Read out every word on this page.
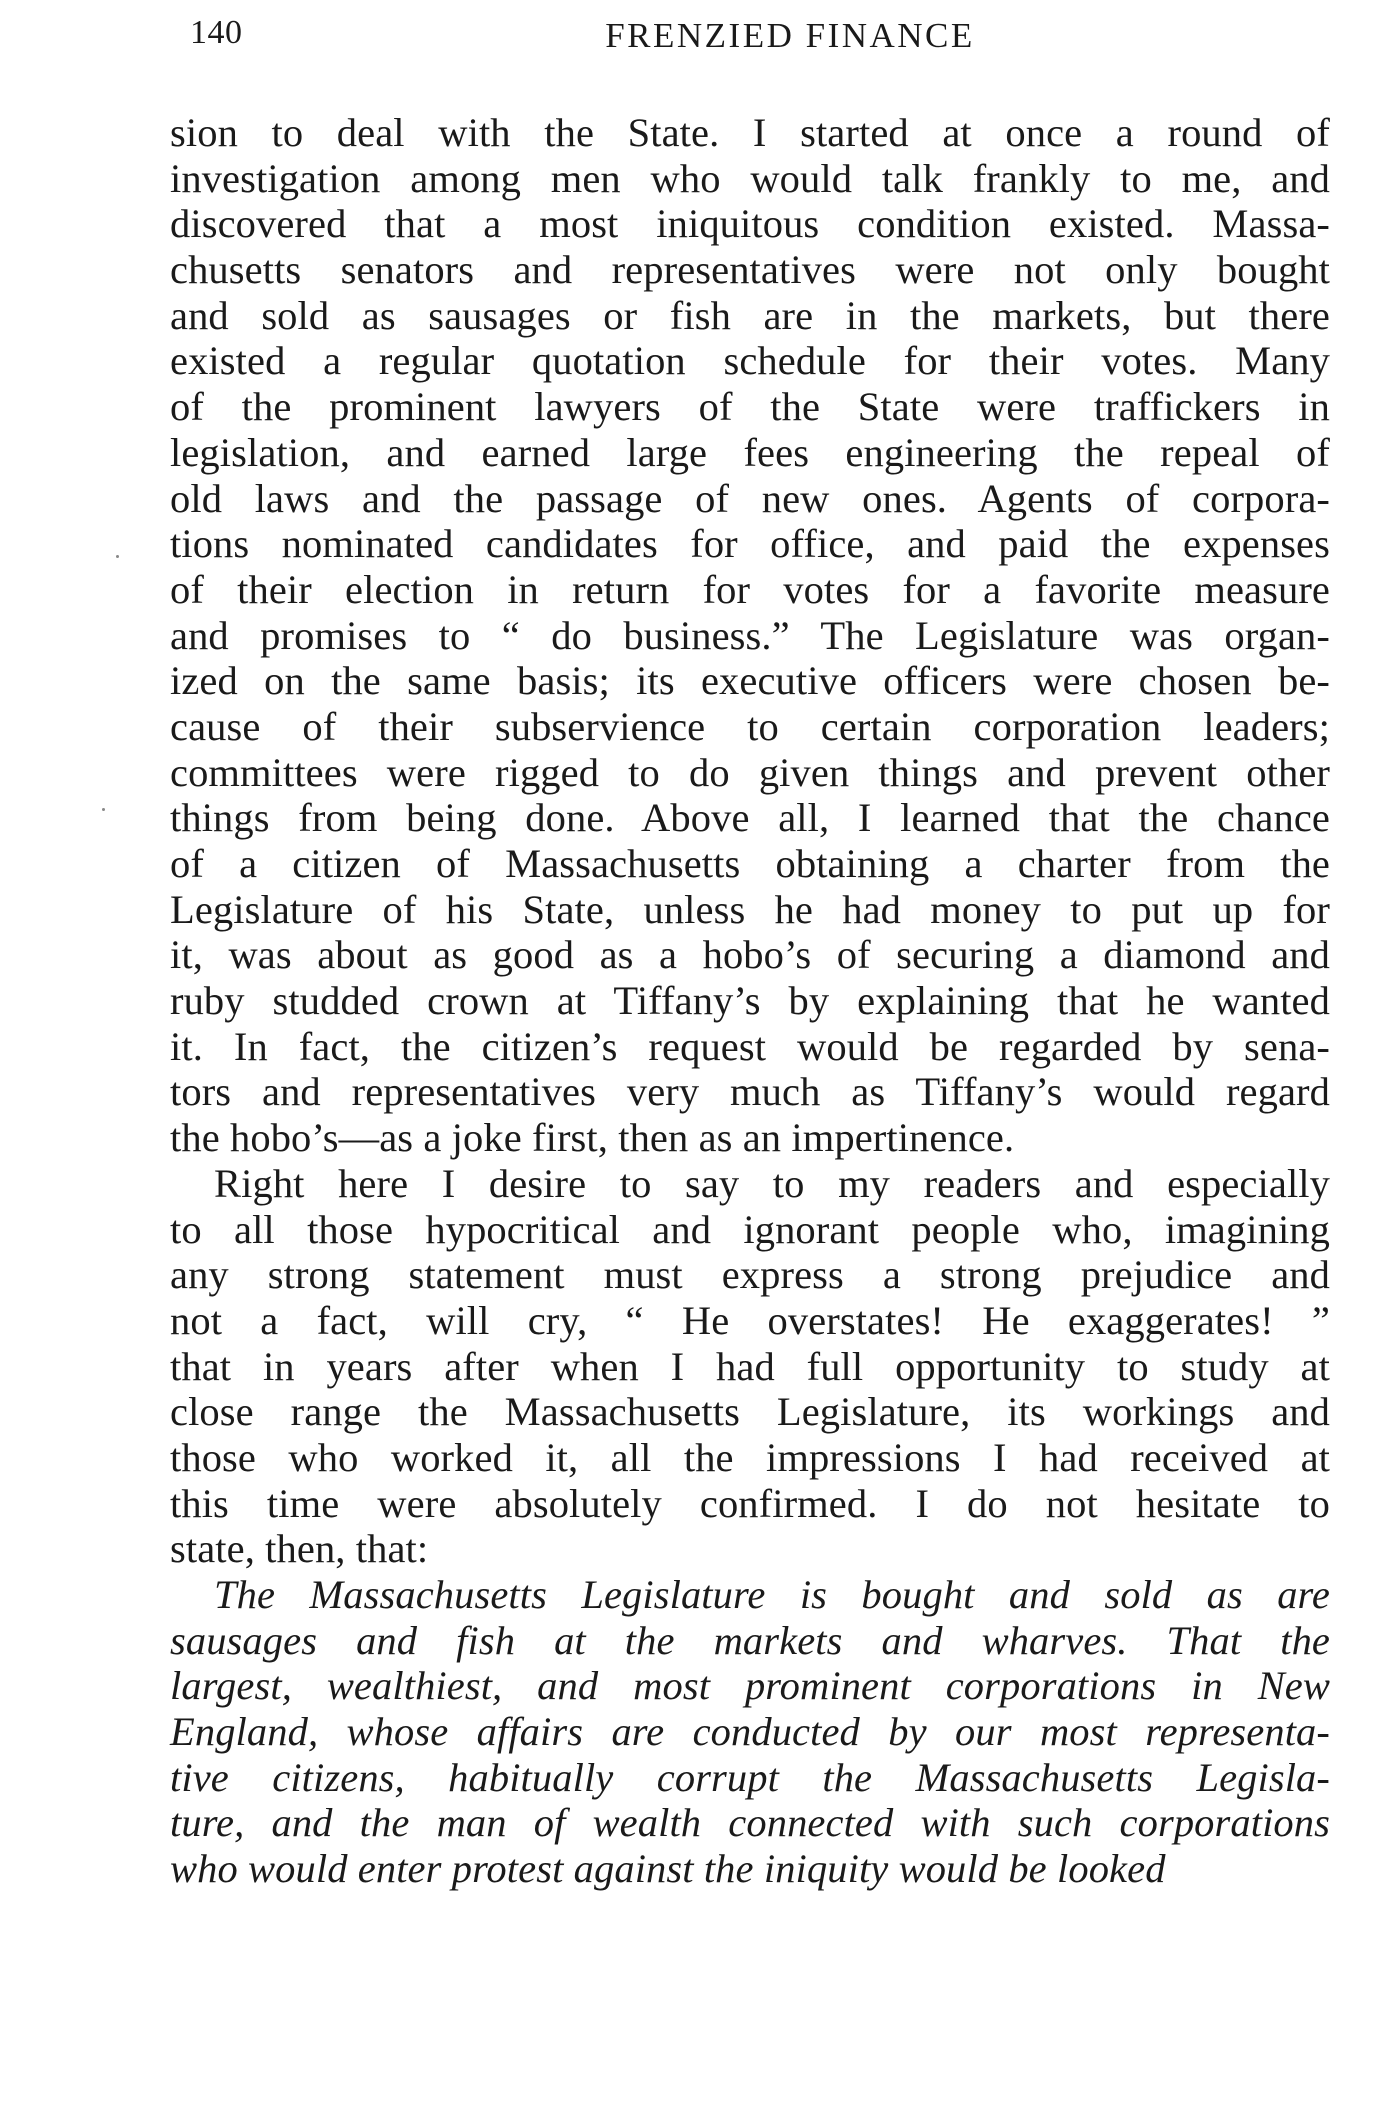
140	FRENZIED FINANCE
sion to deal with the State. I started at once a round of
investigation among men who would talk frankly to me, and
discovered that a most iniquitous condition existed. Massa-
chusetts senators and representatives were not only bought
and sold as sausages or fish are in the markets, but there
existed a regular quotation schedule for their votes. Many
of the prominent lawyers of the State were traffickers in
legislation, and earned large fees engineering the repeal of
old laws and the passage of new ones. Agents of corpora-
tions nominated candidates for office, and paid the expenses
of their election in return for votes for a favorite measure
and promises to “ do business.” The Legislature was organ-
ized on the same basis; its executive officers were chosen be-
cause of their subservience to certain corporation leaders;
committees were rigged to do given things and prevent other
things from being done. Above all, I learned that the chance
of a citizen of Massachusetts obtaining a charter from the
Legislature of his State, unless he had money to put up for
it, was about as good as a hobo’s of securing a diamond and
ruby studded crown at Tiffany’s by explaining that he wanted
it. In fact, the citizen’s request would be regarded by sena-
tors and representatives very much as Tiffany’s would regard
the hobo’s—as a joke first, then as an impertinence.
Right here I desire to say to my readers and especially
to all those hypocritical and ignorant people who, imagining
any strong statement must express a strong prejudice and
not a fact, will cry, “ He overstates! He exaggerates! ”
that in years after when I had full opportunity to study at
close range the Massachusetts Legislature, its workings and
those who worked it, all the impressions I had received at
this time were absolutely confirmed. I do not hesitate to
state, then, that:
The Massachusetts Legislature is bought and sold as are
sausages and fish at the markets and wharves. That the
largest, wealthiest, and most prominent corporations in New
England, whose affairs are conducted by our most representa-
tive citizens, habitually corrupt the Massachusetts Legisla-
ture, and the man of wealth connected with such corporations
who would enter protest against the iniquity would be looked
